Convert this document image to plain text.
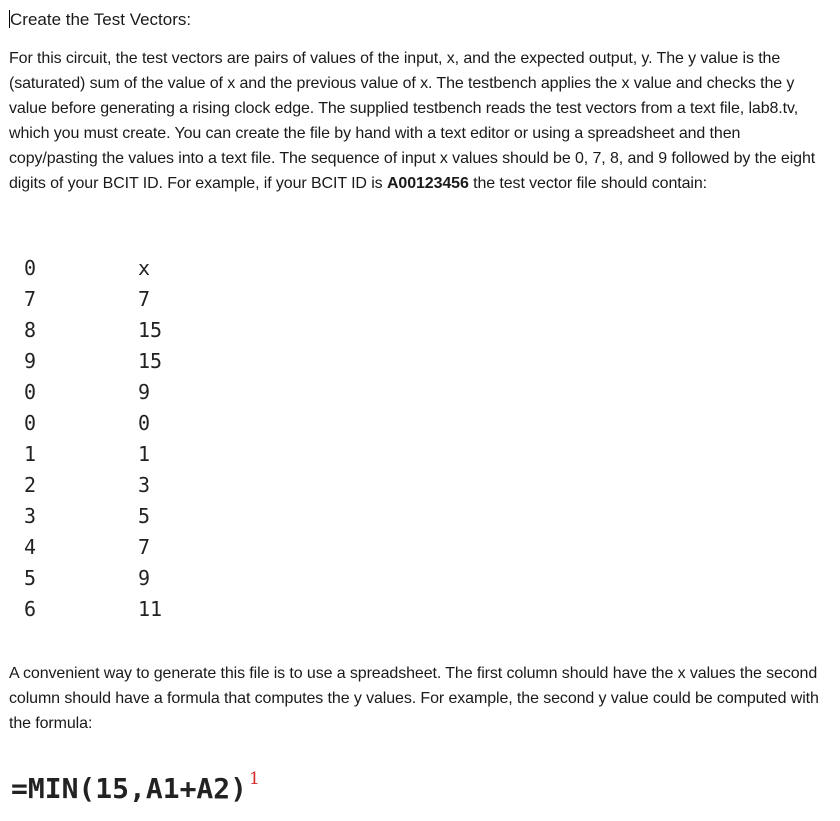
Create the Test Vectors:

For this circuit, the test vectors are pairs of values of the input, x, and the expected output, y. The y value is the (saturated) sum of the value of x and the previous value of x. The testbench applies the x value and checks the y value before generating a rising clock edge. The supplied testbench reads the test vectors from a text file, lab8.tv, which you must create. You can create the file by hand with a text editor or using a spreadsheet and then copy/pasting the values into a text file. The sequence of input x values should be 0, 7, 8, and 9 followed by the eight digits of your BCIT ID. For example, if your BCIT ID is A00123456 the test vector file should contain:

0	x
7	7
8	15
9	15
0	9
0	0
1	1
2	3
3	5
4	7
5	9
6	11

A convenient way to generate this file is to use a spreadsheet. The first column should have the x values the second column should have a formula that computes the y values. For example, the second y value could be computed with the formula:

=MIN(15,A1+A2) $^1$
